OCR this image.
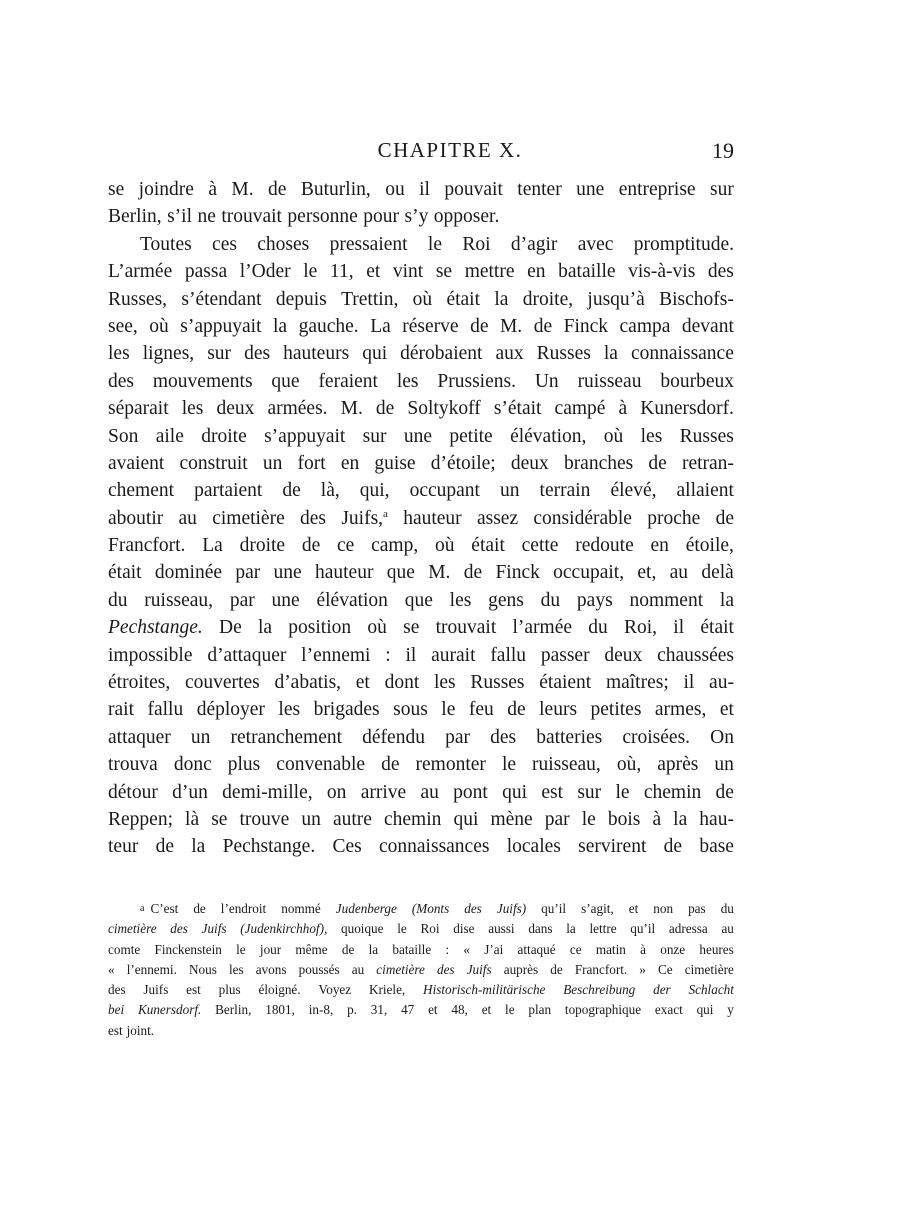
CHAPITRE X.	19
se joindre à M. de Buturlin, ou il pouvait tenter une entreprise sur
Berlin, s’il ne trouvait personne pour s’y opposer.
Toutes ces choses pressaient le Roi d’agir avec promptitude.
L’armée passa l’Oder le 11, et vint se mettre en bataille vis-à-vis des
Russes, s’étendant depuis Trettin, où était la droite, jusqu’à Bischofs-
see, où s’appuyait la gauche. La réserve de M. de Finck campa devant
les lignes, sur des hauteurs qui dérobaient aux Russes la connaissance
des mouvements que feraient les Prussiens. Un ruisseau bourbeux
séparait les deux armées. M. de Soltykoff s’était campé à Kunersdorf.
Son aile droite s’appuyait sur une petite élévation, où les Russes
avaient construit un fort en guise d’étoile; deux branches de retran-
chement partaient de là, qui, occupant un terrain élevé, allaient
aboutir au cimetière des Juifs,$^a$ hauteur assez considérable proche de
Francfort. La droite de ce camp, où était cette redoute en étoile,
était dominée par une hauteur que M. de Finck occupait, et, au delà
du ruisseau, par une élévation que les gens du pays nomment la
Pechstange. De la position où se trouvait l’armée du Roi, il était
impossible d’attaquer l’ennemi : il aurait fallu passer deux chaussées
étroites, couvertes d’abatis, et dont les Russes étaient maîtres; il au-
rait fallu déployer les brigades sous le feu de leurs petites armes, et
attaquer un retranchement défendu par des batteries croisées. On
trouva donc plus convenable de remonter le ruisseau, où, après un
détour d’un demi-mille, on arrive au pont qui est sur le chemin de
Reppen; là se trouve un autre chemin qui mène par le bois à la hau-
teur de la Pechstange. Ces connaissances locales servirent de base
a C’est de l’endroit nommé Judenberge (Monts des Juifs) qu’il s’agit, et non pas du
cimetière des Juifs (Judenkirchhof), quoique le Roi dise aussi dans la lettre qu’il adressa au
comte Finckenstein le jour même de la bataille : « J’ai attaqué ce matin à onze heures
« l’ennemi. Nous les avons poussés au cimetière des Juifs auprès de Francfort. » Ce cimetière
des Juifs est plus éloigné. Voyez Kriele, Historisch-militärische Beschreibung der Schlacht
bei Kunersdorf. Berlin, 1801, in-8, p. 31, 47 et 48, et le plan topographique exact qui y
est joint.
